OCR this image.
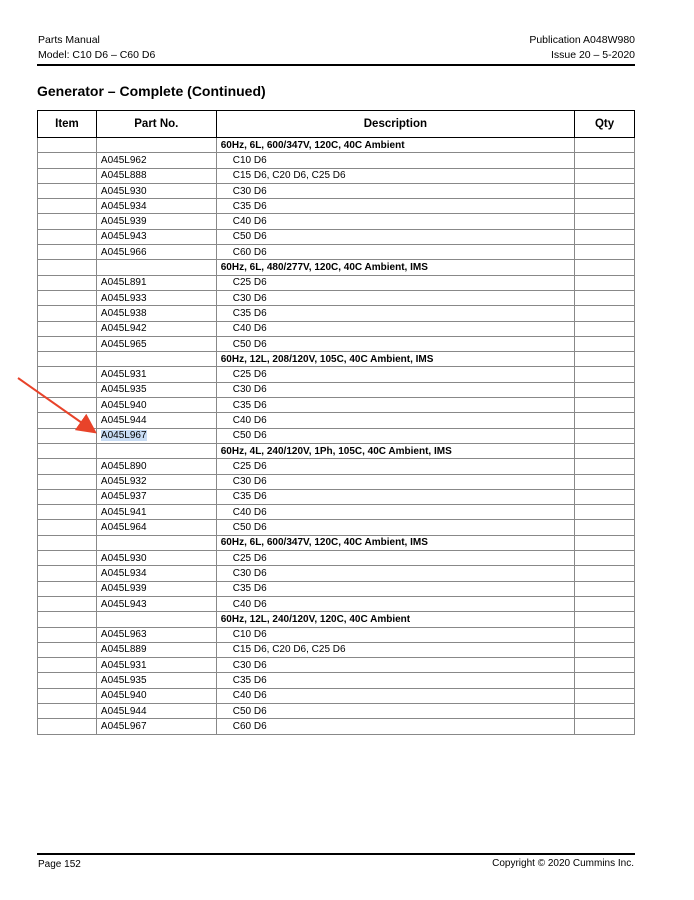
Parts Manual
Model: C10 D6 – C60 D6
Publication A048W980
Issue 20 – 5-2020
Generator – Complete (Continued)
Item	Part No.	Description	Qty
		60Hz, 6L, 600/347V, 120C, 40C Ambient	
	A045L962	C10 D6	
	A045L888	C15 D6, C20 D6, C25 D6	
	A045L930	C30 D6	
	A045L934	C35 D6	
	A045L939	C40 D6	
	A045L943	C50 D6	
	A045L966	C60 D6	
		60Hz, 6L, 480/277V, 120C, 40C Ambient, IMS	
	A045L891	C25 D6	
	A045L933	C30 D6	
	A045L938	C35 D6	
	A045L942	C40 D6	
	A045L965	C50 D6	
		60Hz, 12L, 208/120V, 105C, 40C Ambient, IMS	
	A045L931	C25 D6	
	A045L935	C30 D6	
	A045L940	C35 D6	
	A045L944	C40 D6	
	A045L967	C50 D6	
		60Hz, 4L, 240/120V, 1Ph, 105C, 40C Ambient, IMS	
	A045L890	C25 D6	
	A045L932	C30 D6	
	A045L937	C35 D6	
	A045L941	C40 D6	
	A045L964	C50 D6	
		60Hz, 6L, 600/347V, 120C, 40C Ambient, IMS	
	A045L930	C25 D6	
	A045L934	C30 D6	
	A045L939	C35 D6	
	A045L943	C40 D6	
		60Hz, 12L, 240/120V, 120C, 40C Ambient	
	A045L963	C10 D6	
	A045L889	C15 D6, C20 D6, C25 D6	
	A045L931	C30 D6	
	A045L935	C35 D6	
	A045L940	C40 D6	
	A045L944	C50 D6	
	A045L967	C60 D6	
Page 152	Copyright © 2020 Cummins Inc.
